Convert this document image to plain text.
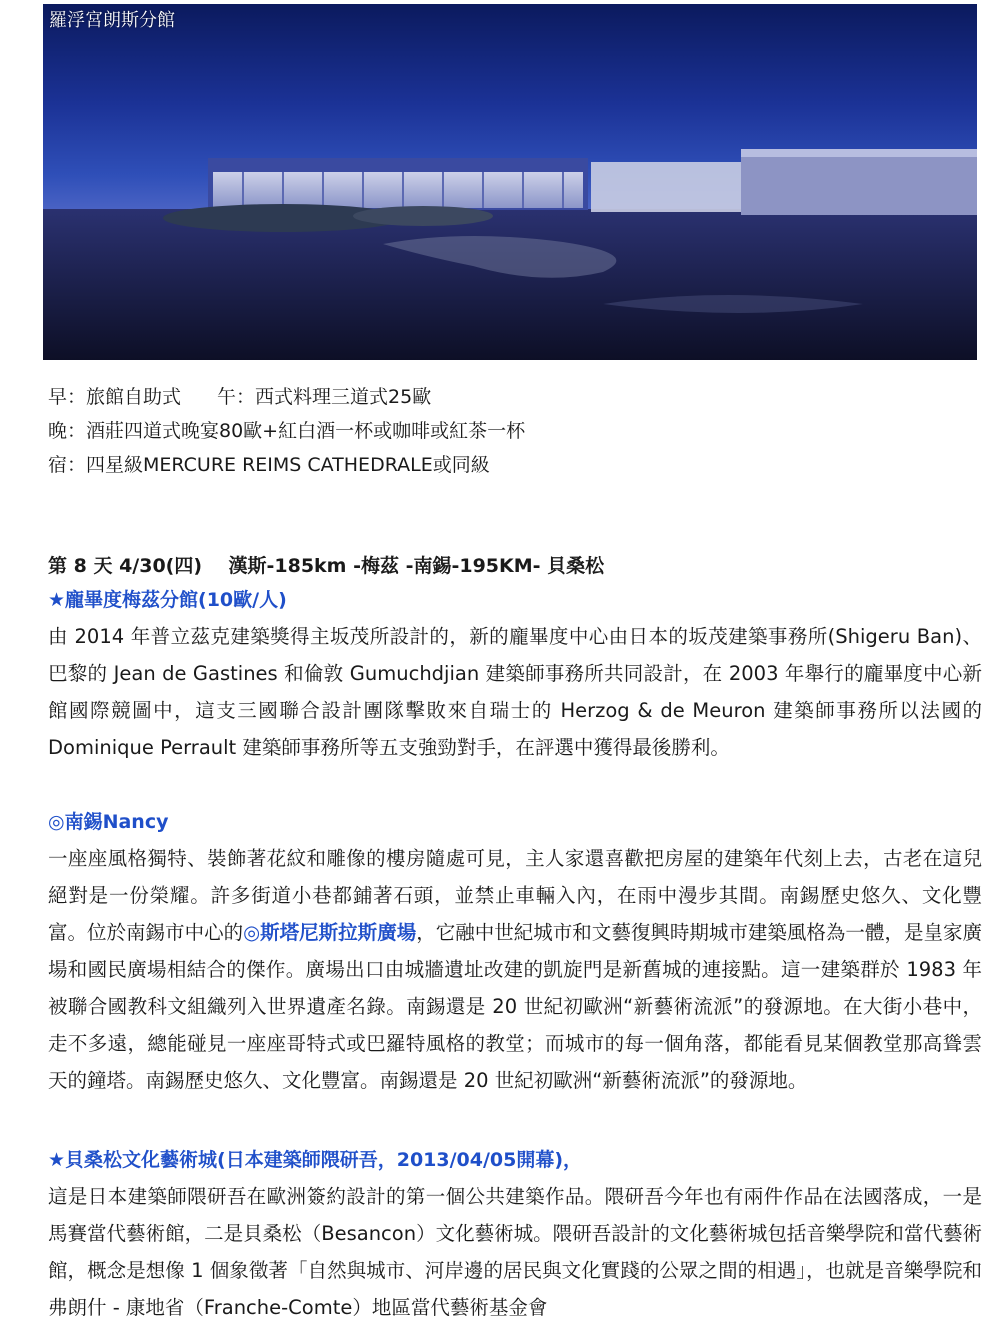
羅浮宮朗斯分館
早：旅館自助式 午：西式料理三道式25歐
晚：酒莊四道式晚宴80歐+紅白酒一杯或咖啡或紅茶一杯
宿：四星級MERCURE REIMS CATHEDRALE或同級
第 8 天 4/30(四)    漢斯-185km -梅茲 -南錫-195KM- 貝桑松
★龐畢度梅茲分館(10歐/人)

由 2014 年普立茲克建築獎得主坂茂所設計的，新的龐畢度中心由日本的坂茂建築事務所(Shigeru Ban)、巴黎的 Jean de Gastines 和倫敦 Gumuchdjian 建築師事務所共同設計，在 2003 年舉行的龐畢度中心新館國際競圖中，這支三國聯合設計團隊擊敗來自瑞士的 Herzog & de Meuron 建築師事務所以法國的 Dominique Perrault 建築師事務所等五支強勁對手，在評選中獲得最後勝利。

◎南錫Nancy

一座座風格獨特、裝飾著花紋和雕像的樓房隨處可見，主人家還喜歡把房屋的建築年代刻上去，古老在這兒絕對是一份榮耀。許多街道小巷都鋪著石頭，並禁止車輛入內，在雨中漫步其間。南錫歷史悠久、文化豐富。位於南錫市中心的◎斯塔尼斯拉斯廣場，它融中世紀城市和文藝復興時期城市建築風格為一體，是皇家廣場和國民廣場相結合的傑作。廣場出口由城牆遺址改建的凱旋門是新舊城的連接點。這一建築群於 1983 年被聯合國教科文組織列入世界遺產名錄。南錫還是 20 世紀初歐洲“新藝術流派”的發源地。在大街小巷中，走不多遠，總能碰見一座座哥特式或巴羅特風格的教堂；而城市的每一個角落，都能看見某個教堂那高聳雲天的鐘塔。南錫歷史悠久、文化豐富。南錫還是 20 世紀初歐洲“新藝術流派”的發源地。

★貝桑松文化藝術城(日本建築師隈研吾，2013/04/05開幕)，

這是日本建築師隈研吾在歐洲簽約設計的第一個公共建築作品。隈研吾今年也有兩件作品在法國落成，一是馬賽當代藝術館，二是貝桑松（Besancon）文化藝術城。隈研吾設計的文化藝術城包括音樂學院和當代藝術館，概念是想像 1 個象徵著「自然與城市、河岸邊的居民與文化實踐的公眾之間的相遇」，也就是音樂學院和弗朗什 - 康地省（Franche-Comte）地區當代藝術基金會
